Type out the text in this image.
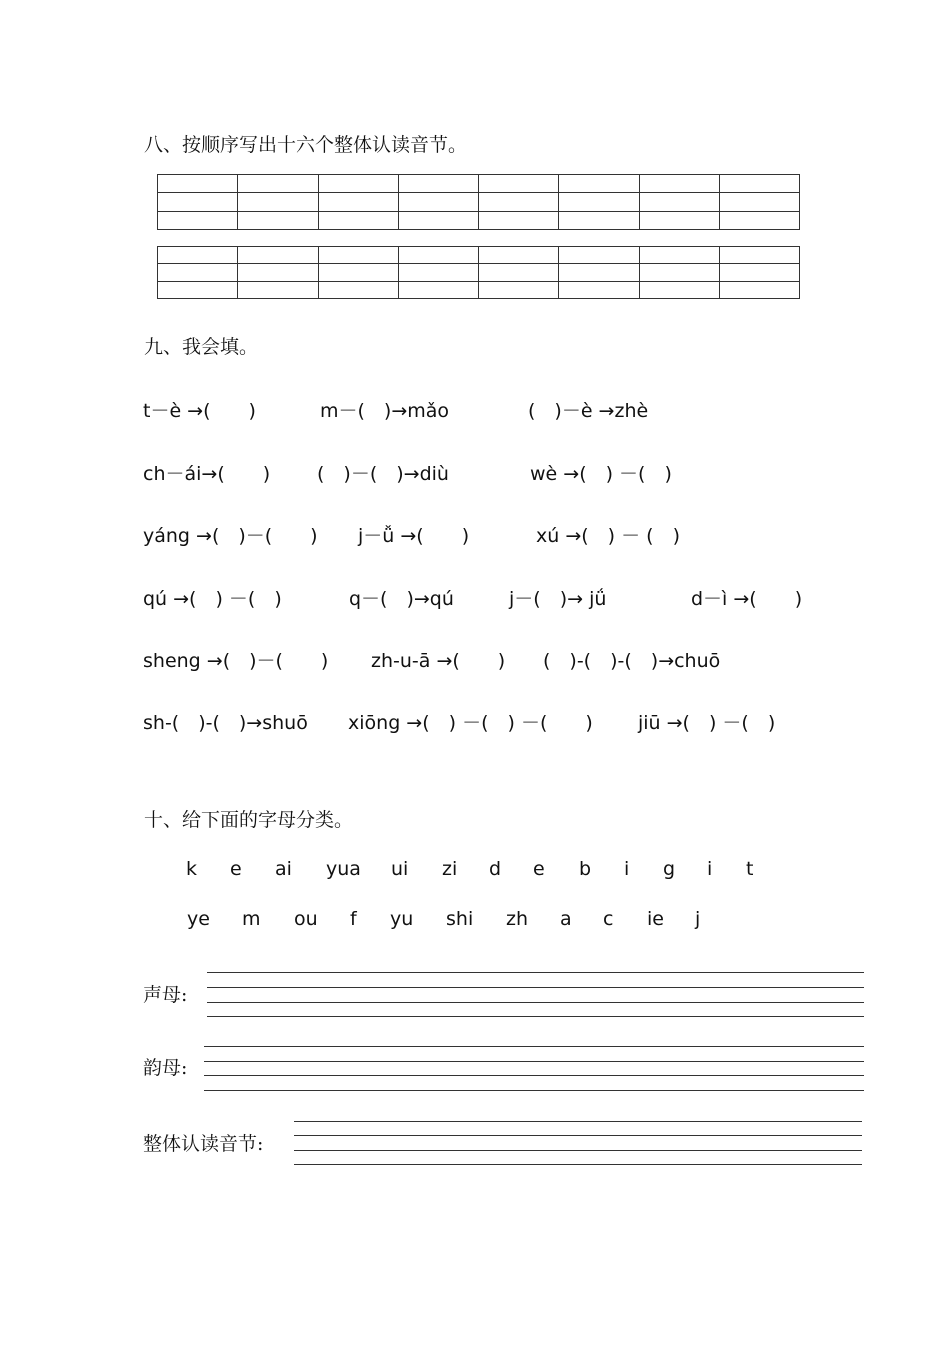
八、按顺序写出十六个整体认读音节。

九、我会填。
t－è →(　　)	m－(　)→mǎo	(　)－è →zhè
ch－ái→(　　) (　)－(　)→diù	wè →(　) －(　)
yáng →(　)－(　　) j－ǚ →(　　)	xú →(　) － (　)
qú →(　) －(　)	q－(　)→qú	j－(　)→ jǘ	d－ì →(　　)
sheng →(　)－(　　) zh-u-ā →(　　) (　)-(　)-(　)→chuō
sh-(　)-(　)→shuō xiōng →(　) －(　) －(　　) jiū →(　) －(　)
十、给下面的字母分类。
k e ai yua ui zi d e b i g i t
ye m ou f yu shi zh a c ie j
声母:
韵母:
整体认读音节:
